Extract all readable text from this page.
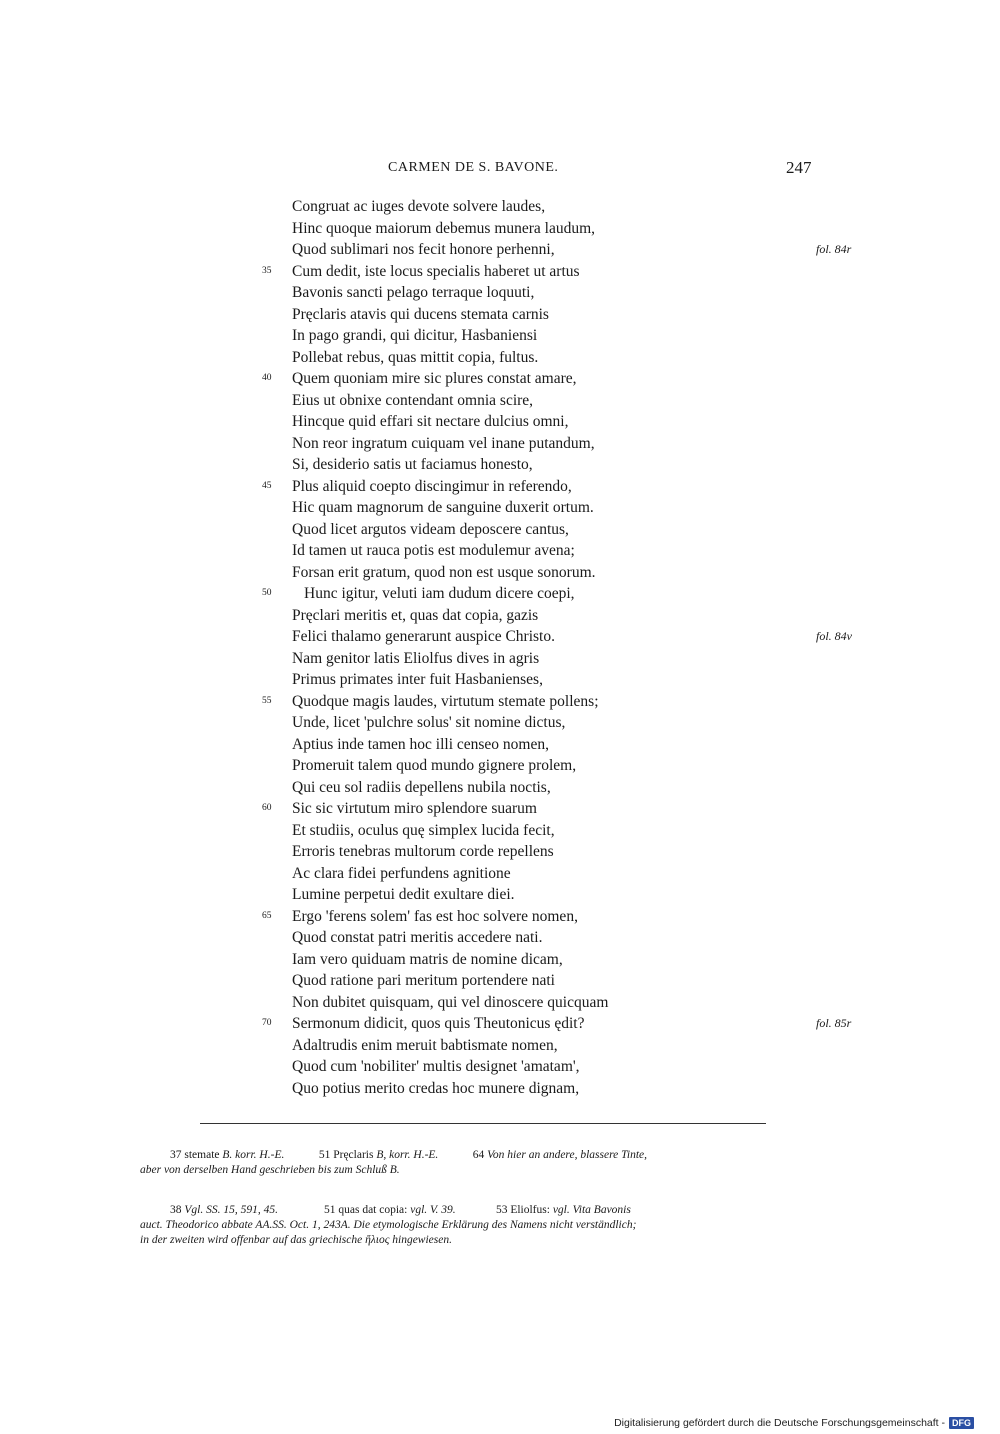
CARMEN DE S. BAVONE.	247
Congruat ac iuges devote solvere laudes,
Hinc quoque maiorum debemus munera laudum,
Quod sublimari nos fecit honore perhenni,
35	Cum dedit, iste locus specialis haberet ut artus
Bavonis sancti pelago terraque loquuti,
Pręclaris atavis qui ducens stemata carnis
In pago grandi, qui dicitur, Hasbaniensi
Pollebat rebus, quas mittit copia, fultus.
40	Quem quoniam mire sic plures constat amare,
Eius ut obnixe contendant omnia scire,
Hincque quid effari sit nectare dulcius omni,
Non reor ingratum cuiquam vel inane putandum,
Si, desiderio satis ut faciamus honesto,
45	Plus aliquid coepto discingimur in referendo,
Hic quam magnorum de sanguine duxerit ortum.
Quod licet argutos videam deposcere cantus,
Id tamen ut rauca potis est modulemur avena;
Forsan erit gratum, quod non est usque sonorum.
50	Hunc igitur, veluti iam dudum dicere coepi,
Pręclari meritis et, quas dat copia, gazis
Felici thalamo generarunt auspice Christo.
Nam genitor latis Eliolfus dives in agris
Primus primates inter fuit Hasbanienses,
55	Quodque magis laudes, virtutum stemate pollens;
Unde, licet 'pulchre solus' sit nomine dictus,
Aptius inde tamen hoc illi censeo nomen,
Promeruit talem quod mundo gignere prolem,
Qui ceu sol radiis depellens nubila noctis,
60	Sic sic virtutum miro splendore suarum
Et studiis, oculus quę simplex lucida fecit,
Erroris tenebras multorum corde repellens
Ac clara fidei perfundens agnitione
Lumine perpetui dedit exultare diei.
65	Ergo 'ferens solem' fas est hoc solvere nomen,
Quod constat patri meritis accedere nati.
Iam vero quiduam matris de nomine dicam,
Quod ratione pari meritum portendere nati
Non dubitet quisquam, qui vel dinoscere quicquam
70	Sermonum didicit, quos quis Theutonicus ędit?
Adaltrudis enim meruit babtismate nomen,
Quod cum 'nobiliter' multis designet 'amatam',
Quo potius merito credas hoc munere dignam,
fol. 84r
fol. 84v
fol. 85r
37 stemate B. korr. H.-E.	51 Pręclaris B, korr. H.-E.	64 Von hier an andere, blassere Tinte,
aber von derselben Hand geschrieben bis zum Schluß B.
38 Vgl. SS. 15, 591, 45.	51 quas dat copia: vgl. V. 39.	53 Eliolfus: vgl. Vita Bavonis
auct. Theodorico abbate AA.SS. Oct. 1, 243A. Die etymologische Erklärung des Namens nicht verständlich;
in der zweiten wird offenbar auf das griechische ἥλιος hingewiesen.
Digitalisierung gefördert durch die Deutsche Forschungsgemeinschaft - DFG
